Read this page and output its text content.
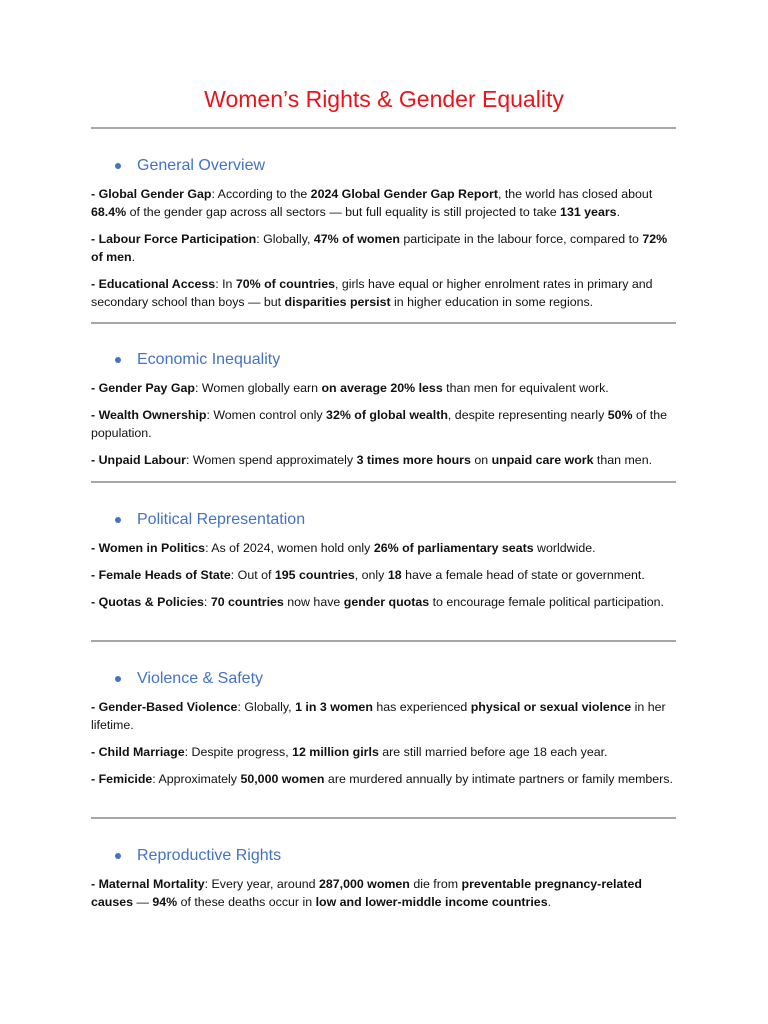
Women’s Rights & Gender Equality
General Overview

- Global Gender Gap: According to the 2024 Global Gender Gap Report, the world has closed about 68.4% of the gender gap across all sectors — but full equality is still projected to take 131 years.

- Labour Force Participation: Globally, 47% of women participate in the labour force, compared to 72% of men.

- Educational Access: In 70% of countries, girls have equal or higher enrolment rates in primary and secondary school than boys — but disparities persist in higher education in some regions.

Economic Inequality

- Gender Pay Gap: Women globally earn on average 20% less than men for equivalent work.

- Wealth Ownership: Women control only 32% of global wealth, despite representing nearly 50% of the population.

- Unpaid Labour: Women spend approximately 3 times more hours on unpaid care work than men.

Political Representation

- Women in Politics: As of 2024, women hold only 26% of parliamentary seats worldwide.

- Female Heads of State: Out of 195 countries, only 18 have a female head of state or government.

- Quotas & Policies: 70 countries now have gender quotas to encourage female political participation.

Violence & Safety

- Gender-Based Violence: Globally, 1 in 3 women has experienced physical or sexual violence in her lifetime.

- Child Marriage: Despite progress, 12 million girls are still married before age 18 each year.

- Femicide: Approximately 50,000 women are murdered annually by intimate partners or family members.

Reproductive Rights

- Maternal Mortality: Every year, around 287,000 women die from preventable pregnancy-related causes — 94% of these deaths occur in low and lower-middle income countries.
